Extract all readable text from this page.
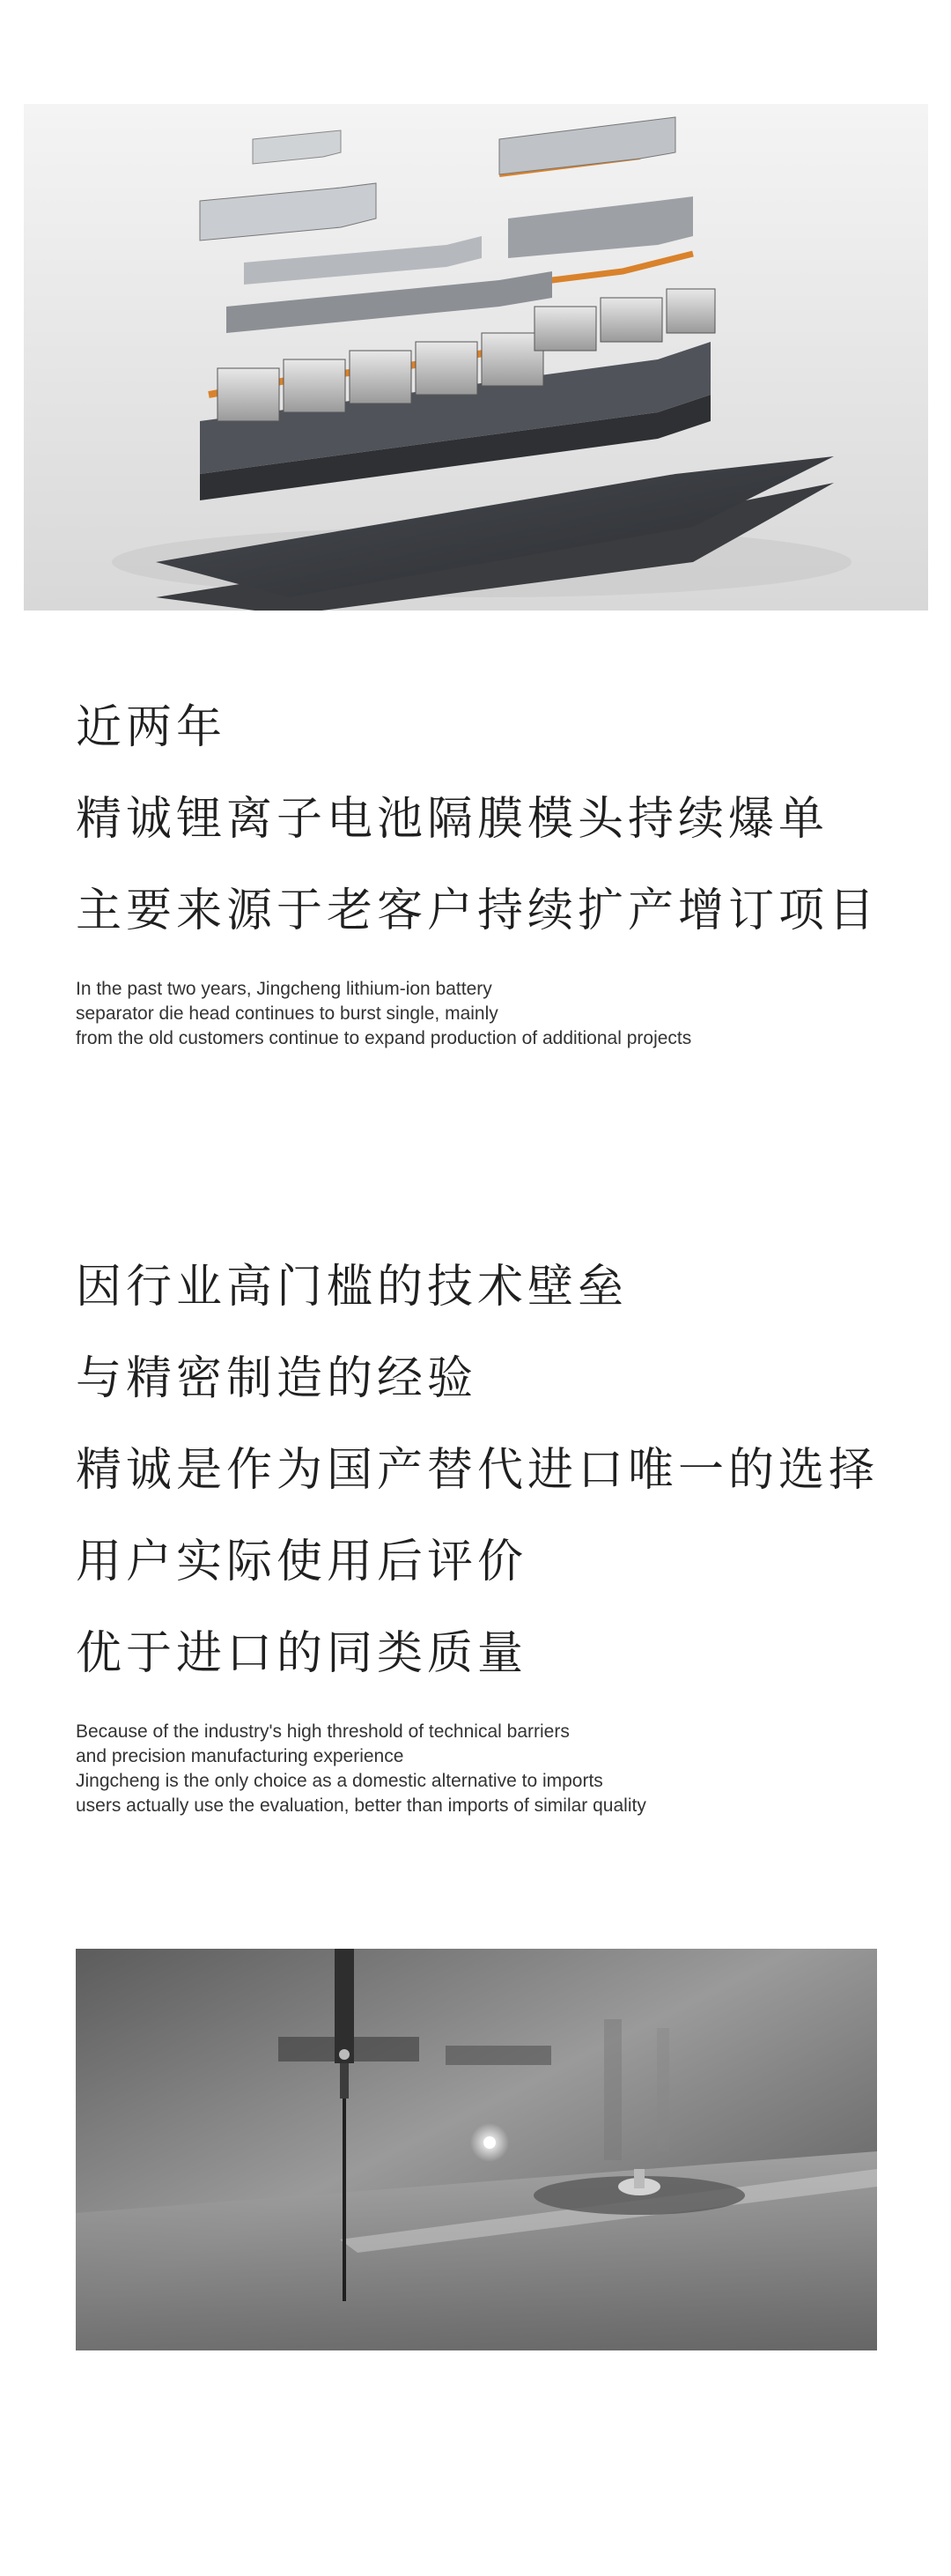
近两年
精诚锂离子电池隔膜模头持续爆单
主要来源于老客户持续扩产增订项目
In the past two years, Jingcheng lithium-ion battery
separator die head continues to burst single, mainly
from the old customers continue to expand production of additional projects
因行业高门槛的技术壁垒
与精密制造的经验
精诚是作为国产替代进口唯一的选择
用户实际使用后评价
优于进口的同类质量
Because of the industry's high threshold of technical barriers
and precision manufacturing experience
Jingcheng is the only choice as a domestic alternative to imports
users actually use the evaluation, better than imports of similar quality
